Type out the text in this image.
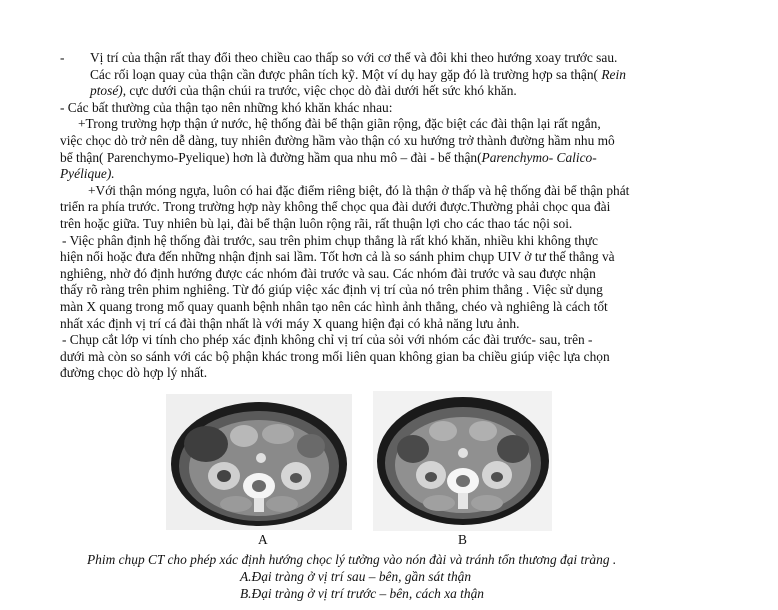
- Vị trí của thận rất thay đổi theo chiều cao thấp so với cơ thể và đôi khi theo hướng xoay trước sau.
Các rối loạn quay của thận cần được phân tích kỹ. Một ví dụ hay gặp đó là trường hợp sa thận( Rein
ptosé), cực dưới của thận chúi ra trước, việc chọc dò đài dưới hết sức khó khăn.
- Các bất thường của thận tạo nên những khó khăn khác nhau:
+Trong trường hợp thận ứ nước, hệ thống đài bể thận giãn rộng, đặc biệt các đài thận lại rất ngắn,
việc chọc dò trở nên dễ dàng, tuy nhiên đường hầm vào thận có xu hướng trở thành đường hầm nhu mô
bể thận( Parenchymo-Pyelique) hơn là đường hầm qua nhu mô – đài - bể thận(Parenchymo- Calico-
Pyélique).
+Với thận móng ngựa, luôn có hai đặc điểm riêng biệt, đó là thận ở thấp và hệ thống đài bể thận phát
triển ra phía trước. Trong trường hợp này không thể chọc qua đài dưới được.Thường phải chọc qua đài
trên hoặc giữa. Tuy nhiên bù lại, đài bể thận luôn rộng rãi, rất thuận lợi cho các thao tác nội soi.
- Việc phân định hệ thống đài trước, sau trên phim chụp thẳng là rất khó khăn, nhiều khi không thực
hiện nổi hoặc đưa đến những nhận định sai lầm. Tốt hơn cả là so sánh phim chụp UIV ở tư thế thẳng và
nghiêng, nhờ đó định hướng được các nhóm đài trước và sau. Các nhóm đài trước và sau được nhận
thấy rõ ràng trên phim nghiêng. Từ đó giúp việc xác định vị trí của nó trên phim thẳng . Việc sử dụng
màn X quang trong mổ quay quanh bệnh nhân tạo nên các hình ảnh thẳng, chéo và nghiêng là cách tốt
nhất xác định vị trí cá đài thận nhất là với máy X quang hiện đại có khả năng lưu ảnh.
- Chụp cắt lớp vi tính cho phép xác định không chỉ vị trí của sỏi với nhóm các đài trước- sau, trên -
dưới mà còn so sánh với các bộ phận khác trong mối liên quan không gian ba chiều giúp việc lựa chọn
đường chọc dò hợp lý nhất.
A	B
Phim chụp CT cho phép xác định hướng chọc lý tưởng vào nón đài và tránh tổn thương đại tràng .
A.Đại tràng ở vị trí sau – bên, gần sát thận
B.Đại tràng ở vị trí trước – bên, cách xa thận
